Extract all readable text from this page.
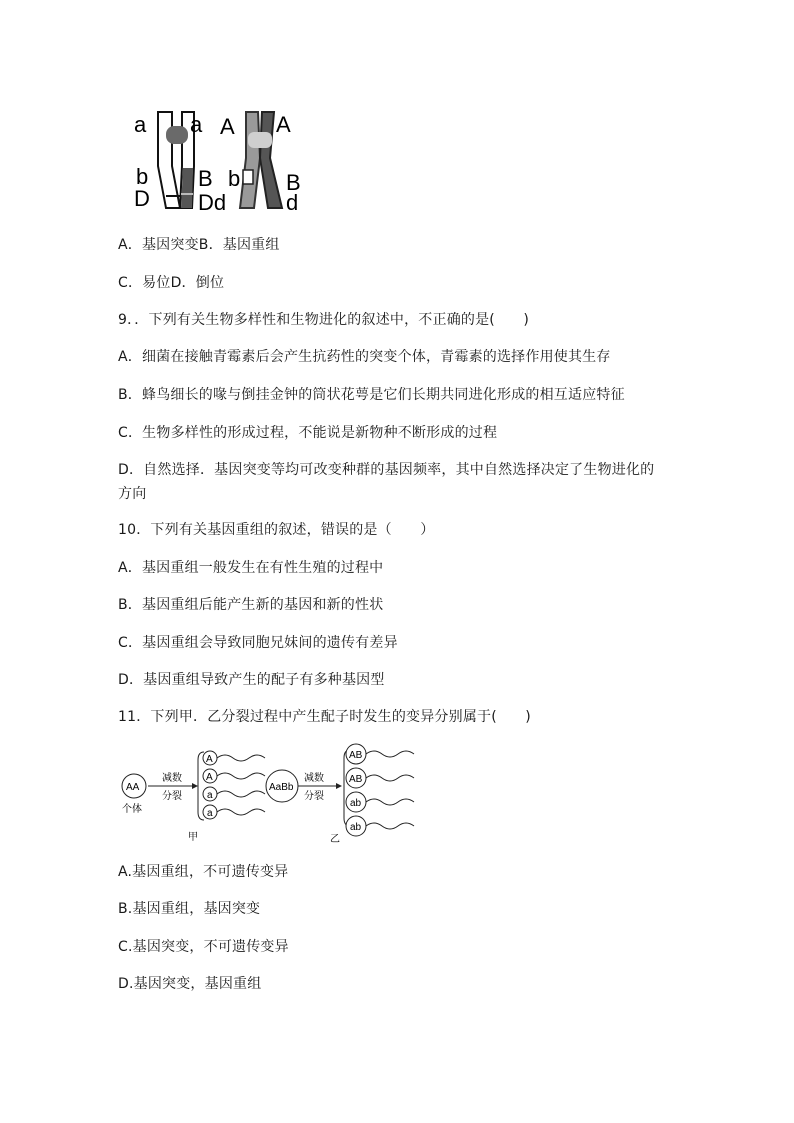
a a
b
D
B
Dd
A A
b B
d
A．基因突变B．基因重组
C．易位D．倒位
9．．下列有关生物多样性和生物进化的叙述中，不正确的是(　　)
A．细菌在接触青霉素后会产生抗药性的突变个体，青霉素的选择作用使其生存
B．蜂鸟细长的喙与倒挂金钟的筒状花萼是它们长期共同进化形成的相互适应特征
C．生物多样性的形成过程，不能说是新物种不断形成的过程
D．自然选择．基因突变等均可改变种群的基因频率，其中自然选择决定了生物进化的
方向
10．下列有关基因重组的叙述，错误的是（　　）
A．基因重组一般发生在有性生殖的过程中
B．基因重组后能产生新的基因和新的性状
C．基因重组会导致同胞兄妹间的遗传有差异
D．基因重组导致产生的配子有多种基因型
11．下列甲．乙分裂过程中产生配子时发生的变异分别属于(　　)
AA
个体
减数
分裂
A
A
a
a
甲
AaBb
减数
分裂
AB
AB
ab
ab
乙
A.基因重组，不可遗传变异
B.基因重组，基因突变
C.基因突变，不可遗传变异
D.基因突变，基因重组
